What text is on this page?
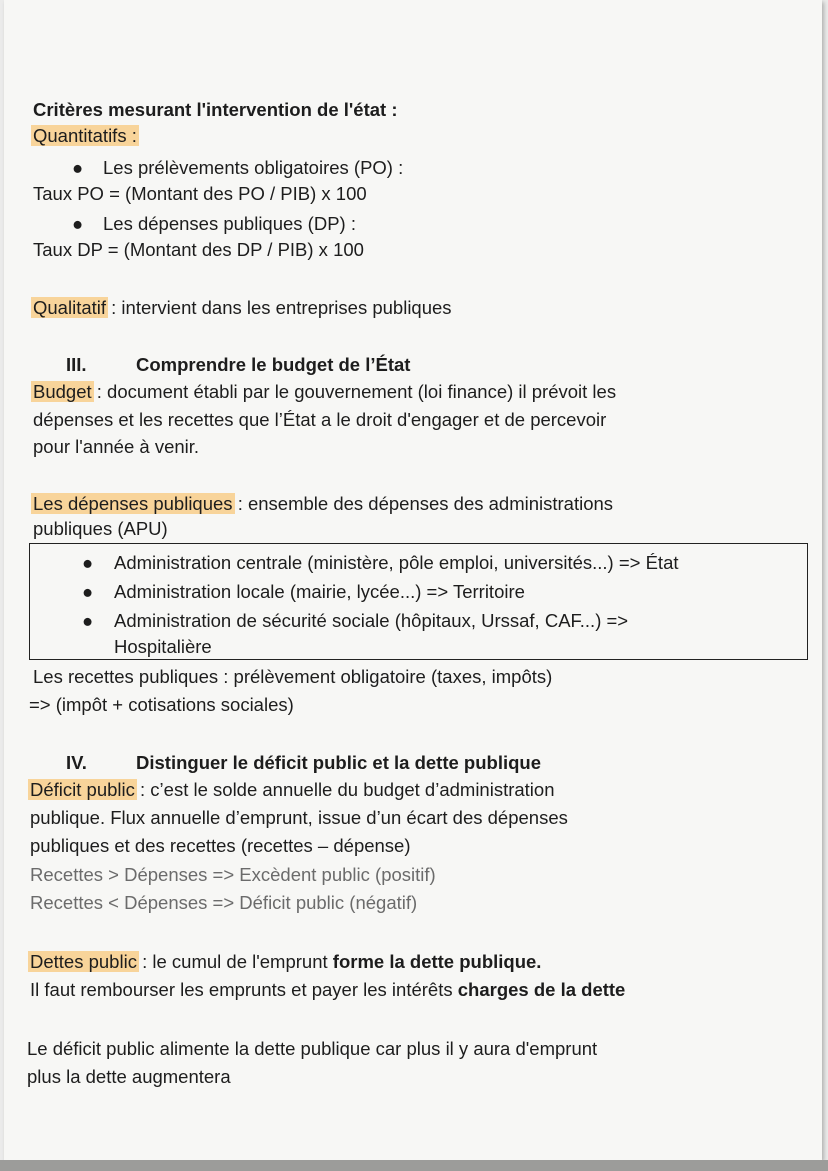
Critères mesurant l'intervention de l'état :
Quantitatifs :
● Les prélèvements obligatoires (PO) :
Taux PO = (Montant des PO / PIB) x 100
● Les dépenses publiques (DP) :
Taux DP = (Montant des DP / PIB) x 100
Qualitatif : intervient dans les entreprises publiques
III.	Comprendre le budget de l’État
Budget : document établi par le gouvernement (loi finance) il prévoit les
dépenses et les recettes que l’État a le droit d'engager et de percevoir
pour l'année à venir.
Les dépenses publiques : ensemble des dépenses des administrations
publiques (APU)
● Administration centrale (ministère, pôle emploi, universités...) => État
● Administration locale (mairie, lycée...) => Territoire
● Administration de sécurité sociale (hôpitaux, Urssaf, CAF...) =>
Hospitalière
Les recettes publiques : prélèvement obligatoire (taxes, impôts)
=> (impôt + cotisations sociales)
IV.	Distinguer le déficit public et la dette publique
Déficit public : c’est le solde annuelle du budget d’administration
publique. Flux annuelle d’emprunt, issue d’un écart des dépenses
publiques et des recettes (recettes – dépense)
Recettes > Dépenses => Excèdent public (positif)
Recettes < Dépenses => Déficit public (négatif)
Dettes public : le cumul de l'emprunt forme la dette publique.
Il faut rembourser les emprunts et payer les intérêts charges de la dette
Le déficit public alimente la dette publique car plus il y aura d'emprunt
plus la dette augmentera
